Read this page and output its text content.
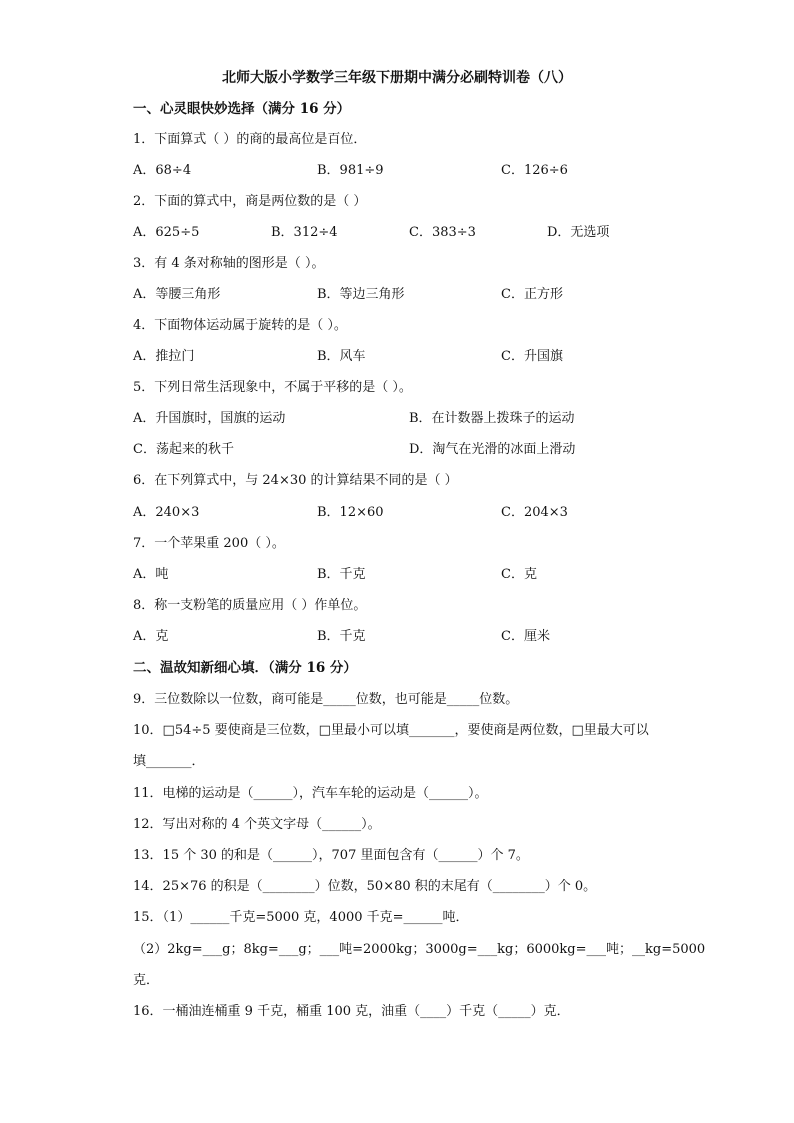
北师大版小学数学三年级下册期中满分必刷特训卷（八）
一、心灵眼快妙选择（满分 16 分）
1．下面算式（ ）的商的最高位是百位．
A．68÷4	B．981÷9	C．126÷6
2．下面的算式中，商是两位数的是（ ）
A．625÷5	B．312÷4	C．383÷3	D．无选项
3．有 4 条对称轴的图形是（ ）。
A．等腰三角形	B．等边三角形	C．正方形
4．下面物体运动属于旋转的是（ ）。
A．推拉门	B．风车	C．升国旗
5．下列日常生活现象中，不属于平移的是（ ）。
A．升国旗时，国旗的运动	B．在计数器上拨珠子的运动
C．荡起来的秋千	D．淘气在光滑的冰面上滑动
6．在下列算式中，与 24×30 的计算结果不同的是（ ）
A．240×3	B．12×60	C．204×3
7．一个苹果重 200（ ）。
A．吨	B．千克	C．克
8．称一支粉笔的质量应用（ ）作单位。
A．克	B．千克	C．厘米
二、温故知新细心填．（满分 16 分）
9．三位数除以一位数，商可能是_____位数，也可能是_____位数。
10．□54÷5 要使商是三位数，□里最小可以填_______，要使商是两位数，□里最大可以
填_______．
11．电梯的运动是（______），汽车车轮的运动是（______）。
12．写出对称的 4 个英文字母（______）。
13．15 个 30 的和是（______），707 里面包含有（______）个 7。
14．25×76 的积是（________）位数，50×80 积的末尾有（________）个 0。
15．（1）______千克=5000 克，4000 千克=______吨．
（2）2kg=___g；8kg=___g；___吨=2000kg；3000g=___kg；6000kg=___吨；__kg=5000
克．
16．一桶油连桶重 9 千克，桶重 100 克，油重（____）千克（_____）克．
